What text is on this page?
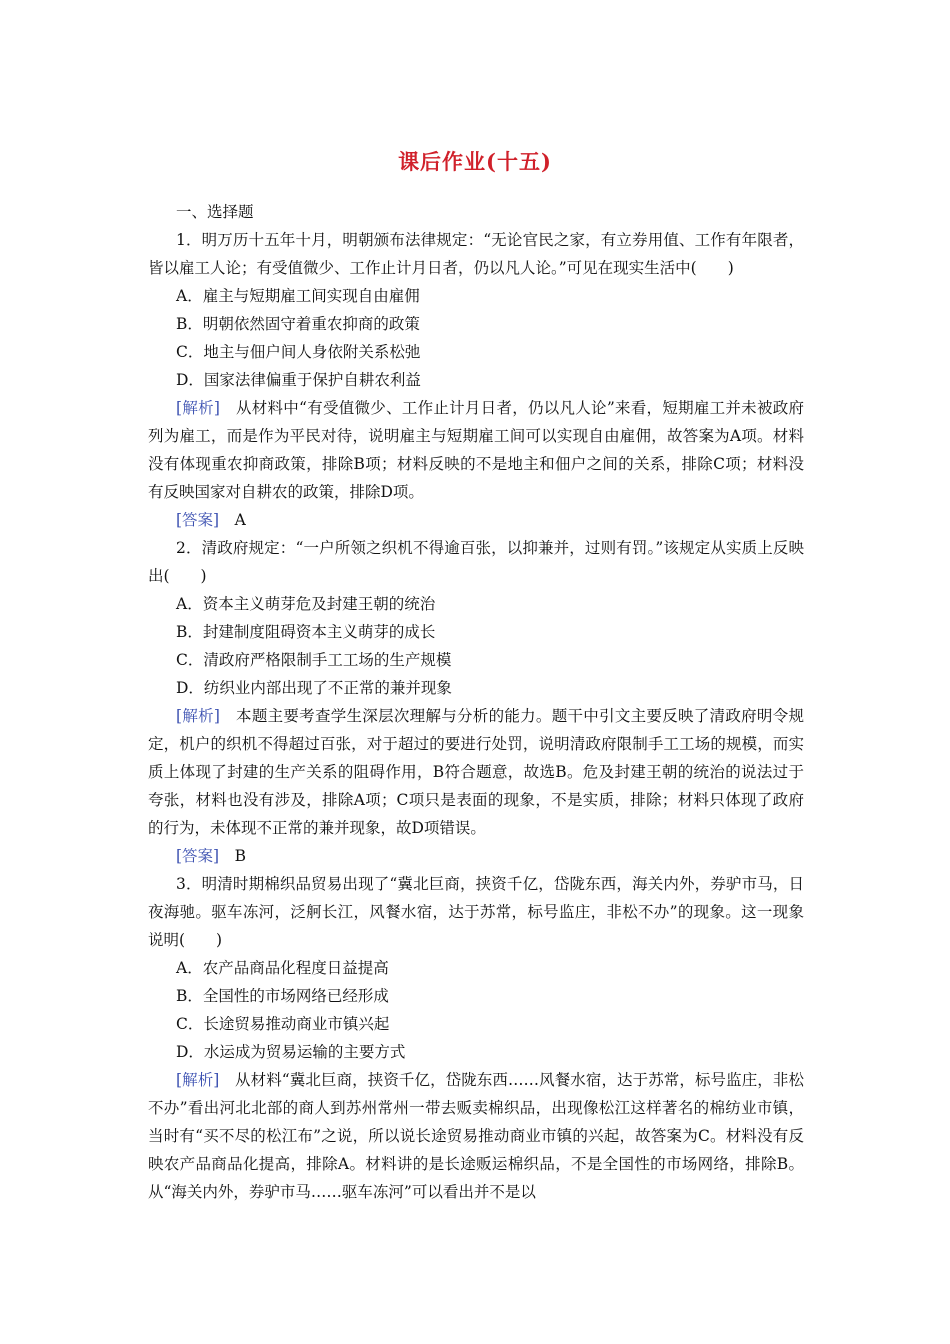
课后作业(十五)

一、选择题

1．明万历十五年十月，明朝颁布法律规定：“无论官民之家，有立券用值、工作有年限者，皆以雇工人论；有受值微少、工作止计月日者，仍以凡人论。”可见在现实生活中(　　)

A．雇主与短期雇工间实现自由雇佣

B．明朝依然固守着重农抑商的政策

C．地主与佃户间人身依附关系松弛

D．国家法律偏重于保护自耕农利益

[解析]　 从材料中“有受值微少、工作止计月日者，仍以凡人论”来看，短期雇工并未被政府列为雇工，而是作为平民对待，说明雇主与短期雇工间可以实现自由雇佣，故答案为A项。材料没有体现重农抑商政策，排除B项；材料反映的不是地主和佃户之间的关系，排除C项；材料没有反映国家对自耕农的政策，排除D项。

[答案]　 A

2．清政府规定：“一户所领之织机不得逾百张，以抑兼并，过则有罚。”该规定从实质上反映出(　　)

A．资本主义萌芽危及封建王朝的统治

B．封建制度阻碍资本主义萌芽的成长

C．清政府严格限制手工工场的生产规模

D．纺织业内部出现了不正常的兼并现象

[解析]　 本题主要考查学生深层次理解与分析的能力。题干中引文主要反映了清政府明令规定，机户的织机不得超过百张，对于超过的要进行处罚，说明清政府限制手工工场的规模，而实质上体现了封建的生产关系的阻碍作用，B符合题意，故选B。危及封建王朝的统治的说法过于夸张，材料也没有涉及，排除A项；C项只是表面的现象，不是实质，排除；材料只体现了政府的行为，未体现不正常的兼并现象，故D项错误。

[答案]　 B

3．明清时期棉织品贸易出现了“冀北巨商，挟资千亿，岱陇东西，海关内外，券驴市马，日夜海驰。驱车冻河，泛舸长江，风餐水宿，达于苏常，标号监庄，非松不办”的现象。这一现象说明(　　)

A．农产品商品化程度日益提高

B．全国性的市场网络已经形成

C．长途贸易推动商业市镇兴起

D．水运成为贸易运输的主要方式

[解析]　 从材料“冀北巨商，挟资千亿，岱陇东西……风餐水宿，达于苏常，标号监庄，非松不办”看出河北北部的商人到苏州常州一带去贩卖棉织品，出现像松江这样著名的棉纺业市镇，当时有“买不尽的松江布”之说，所以说长途贸易推动商业市镇的兴起，故答案为C。材料没有反映农产品商品化提高，排除A。材料讲的是长途贩运棉织品，不是全国性的市场网络，排除B。从“海关内外，券驴市马……驱车冻河”可以看出并不是以
